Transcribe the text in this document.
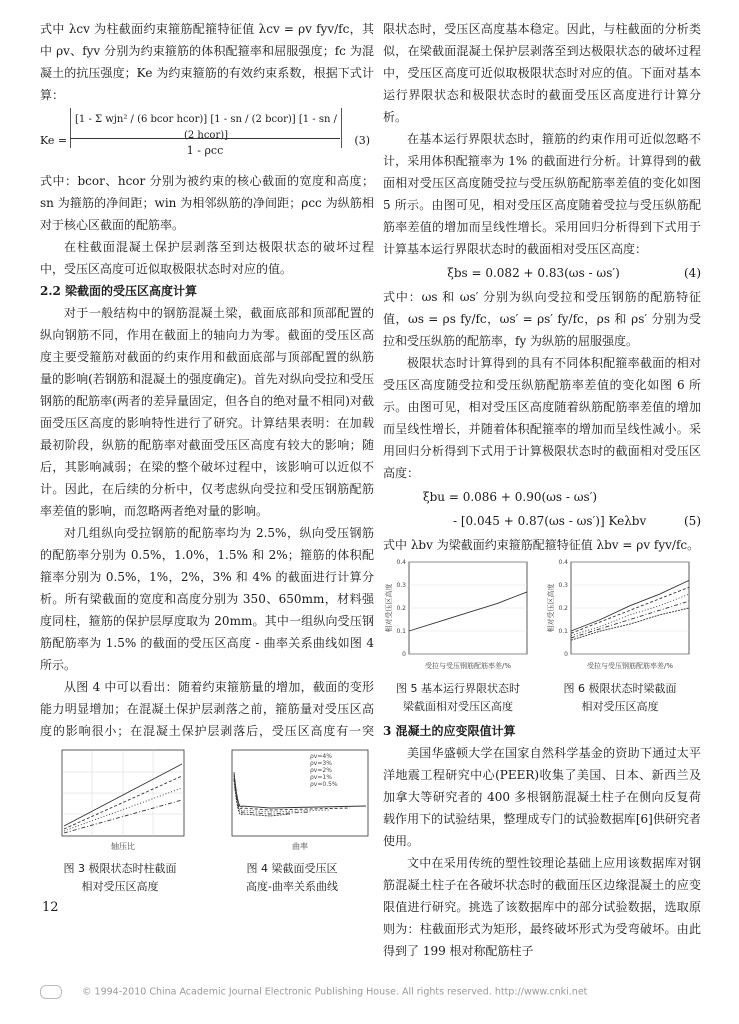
式中 λcv 为柱截面约束箍筋配箍特征值 λcv = ρv fyv/fc，其中 ρv、fyv 分别为约束箍筋的体积配箍率和屈服强度；fc 为混凝土的抗压强度；Ke 为约束箍筋的有效约束系数，根据下式计算：

Ke =
[1 - Σ wjn² / (6 bcor hcor)] [1 - sn / (2 bcor)] [1 - sn / (2 hcor)]
1 - ρcc
(3)

式中：bcor、hcor 分别为被约束的核心截面的宽度和高度；sn 为箍筋的净间距；win 为相邻纵筋的净间距；ρcc 为纵筋相对于核心区截面的配筋率。

在柱截面混凝土保护层剥落至到达极限状态的破坏过程中，受压区高度可近似取极限状态时对应的值。

2.2 梁截面的受压区高度计算

对于一般结构中的钢筋混凝土梁，截面底部和顶部配置的纵向钢筋不同，作用在截面上的轴向力为零。截面的受压区高度主要受箍筋对截面的约束作用和截面底部与顶部配置的纵筋量的影响(若钢筋和混凝土的强度确定)。首先对纵向受拉和受压钢筋的配筋率(两者的差异量固定，但各自的绝对量不相同)对截面受压区高度的影响特性进行了研究。计算结果表明：在加载最初阶段，纵筋的配筋率对截面受压区高度有较大的影响；随后，其影响减弱；在梁的整个破坏过程中，该影响可以近似不计。因此，在后续的分析中，仅考虑纵向受拉和受压钢筋配筋率差值的影响，而忽略两者绝对量的影响。

对几组纵向受拉钢筋的配筋率均为 2.5%，纵向受压钢筋的配筋率分别为 0.5%，1.0%，1.5% 和 2%；箍筋的体积配箍率分别为 0.5%，1%，2%，3% 和 4% 的截面进行计算分析。所有梁截面的宽度和高度分别为 350、650mm，材料强度同柱，箍筋的保护层厚度取为 20mm。其中一组纵向受压钢筋配筋率为 1.5% 的截面的受压区高度 - 曲率关系曲线如图 4 所示。

从图 4 中可以看出：随着约束箍筋量的增加，截面的变形能力明显增加；在混凝土保护层剥落之前，箍筋量对受压区高度的影响很小；在混凝土保护层剥落后，受压区高度有一突

轴压比
ρv=4%
ρv=3%
ρv=2%
ρv=1%
ρv=0.5%
曲率
图 3 极限状态时柱截面
相对受压区高度
图 4 梁截面受压区
高度-曲率关系曲线

限状态时，受压区高度基本稳定。因此，与柱截面的分析类似，在梁截面混凝土保护层剥落至到达极限状态的破坏过程中，受压区高度可近似取极限状态时对应的值。下面对基本运行界限状态和极限状态时的截面受压区高度进行计算分析。

在基本运行界限状态时，箍筋的约束作用可近似忽略不计，采用体积配箍率为 1% 的截面进行分析。计算得到的截面相对受压区高度随受拉与受压纵筋配筋率差值的变化如图 5 所示。由图可见，相对受压区高度随着受拉与受压纵筋配筋率差值的增加而呈线性增长。采用回归分析得到下式用于计算基本运行界限状态时的截面相对受压区高度：

ξbs = 0.082 + 0.83(ωs - ωs′)	(4)

式中：ωs 和 ωs′ 分别为纵向受拉和受压钢筋的配筋特征值，ωs = ρs fy/fc，ωs′ = ρs′ fy/fc，ρs 和 ρs′ 分别为受拉和受压纵筋的配筋率，fy 为纵筋的屈服强度。

极限状态时计算得到的具有不同体积配箍率截面的相对受压区高度随受拉和受压纵筋配筋率差值的变化如图 6 所示。由图可见，相对受压区高度随着纵筋配筋率差值的增加而呈线性增长，并随着体积配箍率的增加而呈线性减小。采用回归分析得到下式用于计算极限状态时的截面相对受压区高度：

ξbu = 0.086 + 0.90(ωs - ωs′)
- [0.045 + 0.87(ωs - ωs′)] Keλbv	(5)

式中 λbv 为梁截面约束箍筋配箍特征值 λbv = ρv fyv/fc。

0.4
0.3
0.2
0.1
0
受拉与受压钢筋配筋率差/%
相对受压区高度
0.4
0.3
0.2
0.1
0
受拉与受压钢筋配筋率差/%
相对受压区高度
图 5 基本运行界限状态时
梁截面相对受压区高度
图 6 极限状态时梁截面
相对受压区高度

3 混凝土的应变限值计算

美国华盛顿大学在国家自然科学基金的资助下通过太平洋地震工程研究中心(PEER)收集了美国、日本、新西兰及加拿大等研究者的 400 多根钢筋混凝土柱子在侧向反复荷载作用下的试验结果，整理成专门的试验数据库[6]供研究者使用。

文中在采用传统的塑性铰理论基础上应用该数据库对钢筋混凝土柱子在各破坏状态时的截面压区边缘混凝土的应变限值进行研究。挑选了该数据库中的部分试验数据，选取原则为：柱截面形式为矩形，最终破坏形式为受弯破坏。由此得到了 199 根对称配筋柱子

12
© 1994-2010 China Academic Journal Electronic Publishing House. All rights reserved. http://www.cnki.net
